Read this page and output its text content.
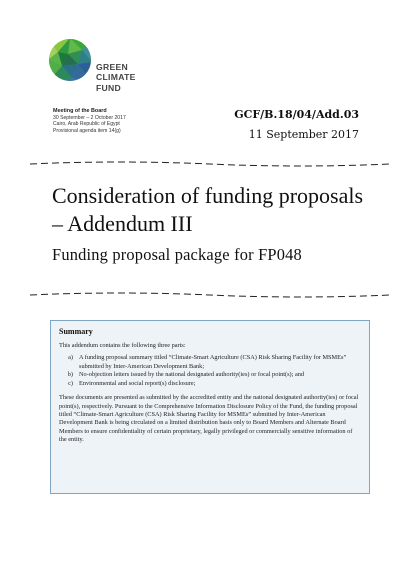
GREEN
CLIMATE
FUND
Meeting of the Board
30 September – 2 October 2017
Cairo, Arab Republic of Egypt
Provisional agenda item 14(g)
GCF/B.18/04/Add.03
11 September 2017
Consideration of funding proposals – Addendum III
Funding proposal package for FP048
Summary
This addendum contains the following three parts:
a) A funding proposal summary titled “Climate-Smart Agriculture (CSA) Risk Sharing Facility for MSMEs” submitted by Inter-American Development Bank;
b) No-objection letters issued by the national designated authority(ies) or focal point(s); and
c) Environmental and social report(s) disclosure;

These documents are presented as submitted by the accredited entity and the national designated authority(ies) or focal point(s), respectively. Pursuant to the Comprehensive Information Disclosure Policy of the Fund, the funding proposal titled “Climate-Smart Agriculture (CSA) Risk Sharing Facility for MSMEs” submitted by Inter-American Development Bank is being circulated on a limited distribution basis only to Board Members and Alternate Board Members to ensure confidentiality of certain proprietary, legally privileged or commercially sensitive information of the entity.
